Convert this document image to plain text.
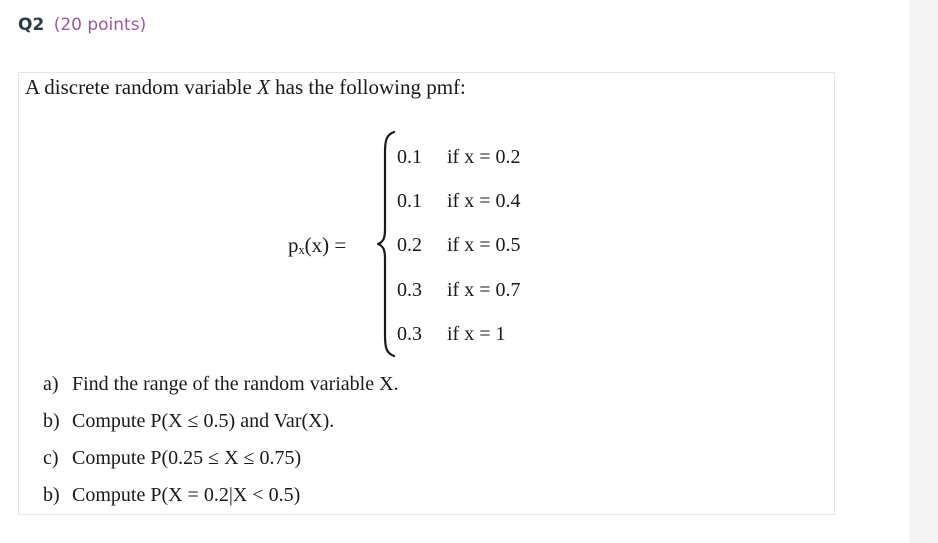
Q2 (20 points)
A discrete random variable X has the following pmf:
pₓ(x) =
0.1 if x = 0.2
0.1 if x = 0.4
0.2 if x = 0.5
0.3 if x = 0.7
0.3 if x = 1
a) Find the range of the random variable X.
b) Compute P(X ≤ 0.5) and Var(X).
c) Compute P(0.25 ≤ X ≤ 0.75)
b) Compute P(X = 0.2|X < 0.5)
